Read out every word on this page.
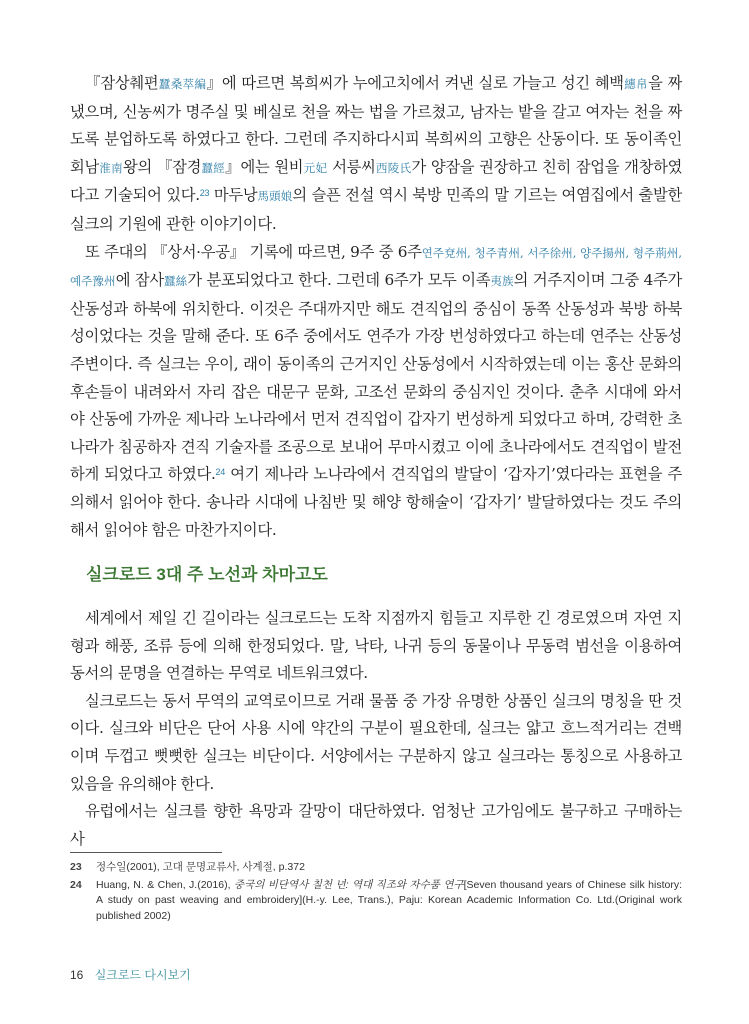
『잠상췌편蠶桑萃編』에 따르면 복희씨가 누에고치에서 켜낸 실로 가늘고 성긴 혜백繐帛을 짜 냈으며, 신농씨가 명주실 및 베실로 천을 짜는 법을 가르쳤고, 남자는 밭을 갈고 여자는 천을 짜도록 분업하도록 하였다고 한다. 그런데 주지하다시피 복희씨의 고향은 산동이다. 또 동이족인 회남淮南왕의 『잠경蠶經』에는 원비元妃 서릉씨西陵氏가 양잠을 권장하고 친히 잠업을 개창하였다고 기술되어 있다.$^{23}$ 마두낭馬頭娘의 슬픈 전설 역시 북방 민족의 말 기르는 여염집에서 출발한 실크의 기원에 관한 이야기이다.

또 주대의 『상서·우공』 기록에 따르면, 9주 중 6주연주兗州, 청주青州, 서주徐州, 양주揚州, 형주荊州, 예주豫州에 잠사蠶絲가 분포되었다고 한다. 그런데 6주가 모두 이족夷族의 거주지이며 그중 4주가 산동성과 하북에 위치한다. 이것은 주대까지만 해도 견직업의 중심이 동쪽 산동성과 북방 하북성이었다는 것을 말해 준다. 또 6주 중에서도 연주가 가장 번성하였다고 하는데 연주는 산동성 주변이다. 즉 실크는 우이, 래이 동이족의 근거지인 산동성에서 시작하였는데 이는 홍산 문화의 후손들이 내려와서 자리 잡은 대문구 문화, 고조선 문화의 중심지인 것이다. 춘추 시대에 와서야 산동에 가까운 제나라 노나라에서 먼저 견직업이 갑자기 번성하게 되었다고 하며, 강력한 초나라가 침공하자 견직 기술자를 조공으로 보내어 무마시켰고 이에 초나라에서도 견직업이 발전하게 되었다고 하였다.$^{24}$ 여기 제나라 노나라에서 견직업의 발달이 ‘갑자기’였다라는 표현을 주의해서 읽어야 한다. 송나라 시대에 나침반 및 해양 항해술이 ‘갑자기’ 발달하였다는 것도 주의해서 읽어야 함은 마찬가지이다.

실크로드 3대 주 노선과 차마고도

세계에서 제일 긴 길이라는 실크로드는 도착 지점까지 힘들고 지루한 긴 경로였으며 자연 지형과 해풍, 조류 등에 의해 한정되었다. 말, 낙타, 나귀 등의 동물이나 무동력 범선을 이용하여 동서의 문명을 연결하는 무역로 네트워크였다.

실크로드는 동서 무역의 교역로이므로 거래 물품 중 가장 유명한 상품인 실크의 명칭을 딴 것이다. 실크와 비단은 단어 사용 시에 약간의 구분이 필요한데, 실크는 얇고 흐느적거리는 견백이며 두껍고 뻣뻣한 실크는 비단이다. 서양에서는 구분하지 않고 실크라는 통칭으로 사용하고 있음을 유의해야 한다.

유럽에서는 실크를 향한 욕망과 갈망이 대단하였다. 엄청난 고가임에도 불구하고 구매하는 사

23	정수일(2001), 고대 문명교류사, 사계절, p.372
24	Huang, N. & Chen, J.(2016), 중국의 비단역사 칠천 년: 역대 직조와 자수품 연구[Seven thousand years of Chinese silk history: A study on past weaving and embroidery](H.-y. Lee, Trans.), Paju: Korean Academic Information Co. Ltd.(Original work published 2002)
16 실크로드 다시보기
